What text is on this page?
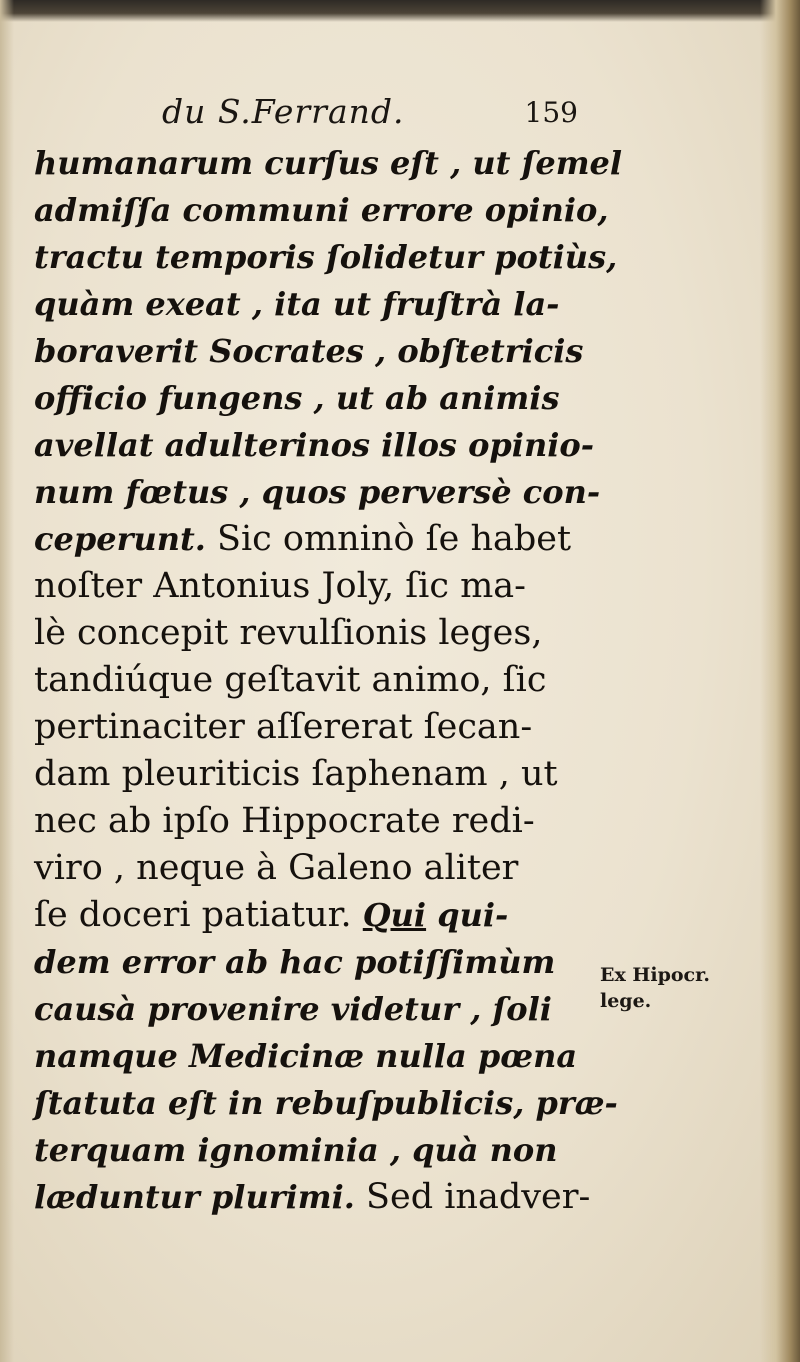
du S.Ferrand.	159
humanarum curſus eſt , ut ſemel
admiſſa communi errore opinio,
tractu temporis ſolidetur potiùs,
quàm exeat , ita ut fruſtrà la-
boraverit Socrates , obſtetricis
officio fungens , ut ab animis
avellat adulterinos illos opinio-
num fœtus , quos perversè con-
ceperunt. Sic omninò ſe habet
noſter Antonius Joly, ſic ma-
lè concepit revulſionis leges,
tandiúque geſtavit animo, ſic
pertinaciter aſſererat ſecan-
dam pleuriticis ſaphenam , ut
nec ab ipſo Hippocrate redi-
viro , neque à Galeno aliter
ſe doceri patiatur. Qui qui-
dem error ab hac potiſſimùm
causà provenire videtur , ſoli
namque Medicinæ nulla pœna
ſtatuta eſt in rebuſpublicis, præ-
terquam ignominia , quà non
læduntur plurimi. Sed inadver-
Ex Hipocr.
lege.
